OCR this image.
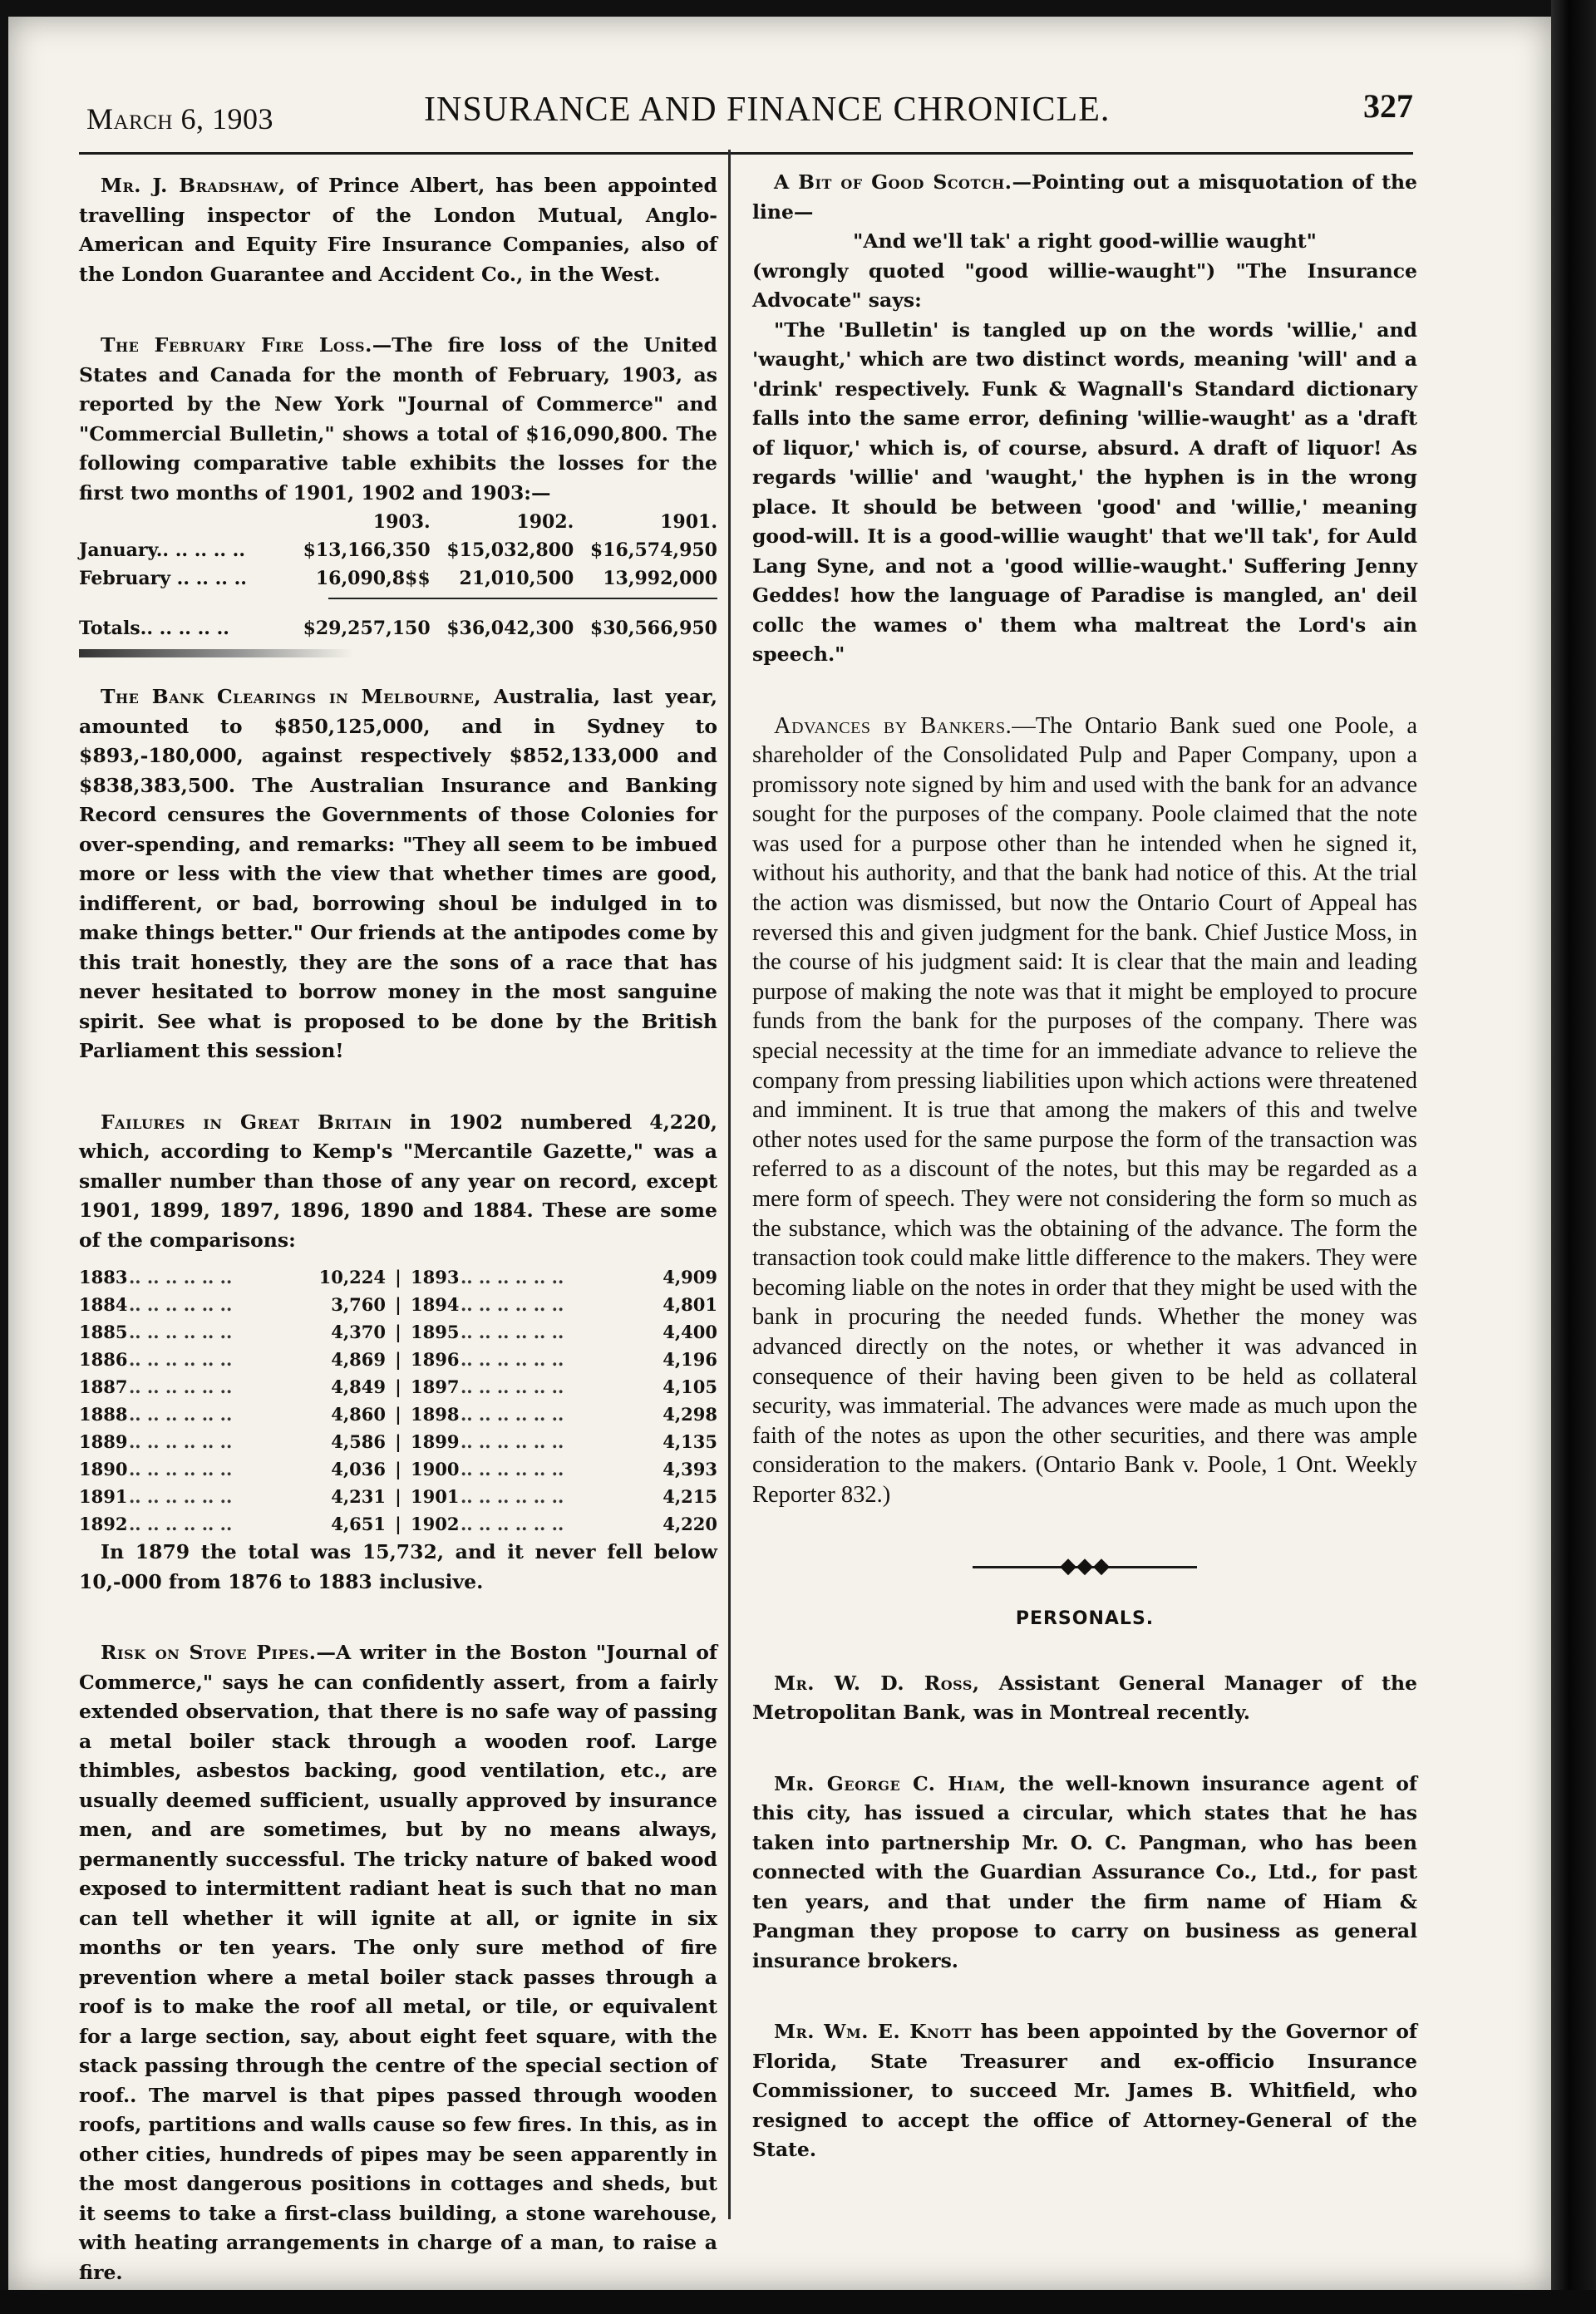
March 6, 1903	INSURANCE AND FINANCE CHRONICLE.	327

Mr. J. Bradshaw, of Prince Albert, has been appointed travelling inspector of the London Mutual, Anglo-American and Equity Fire Insurance Companies, also of the London Guarantee and Accident Co., in the West.

The February Fire Loss.—The fire loss of the United States and Canada for the month of February, 1903, as reported by the New York "Journal of Commerce" and "Commercial Bulletin," shows a total of $16,090,800. The following comparative table exhibits the losses for the first two months of 1901, 1902 and 1903:—

	1903.	1902.	1901.
January.. .. .. .. ..	$13,166,350	$15,032,800	$16,574,950
February .. .. .. ..	16,090,8$$	21,010,500	13,992,000
Totals.. .. .. .. ..	$29,257,150	$36,042,300	$30,566,950

The Bank Clearings in Melbourne, Australia, last year, amounted to $850,125,000, and in Sydney to $893,-180,000, against respectively $852,133,000 and $838,383,500. The Australian Insurance and Banking Record censures the Governments of those Colonies for over-spending, and remarks: "They all seem to be imbued more or less with the view that whether times are good, indifferent, or bad, borrowing shoul be indulged in to make things better." Our friends at the antipodes come by this trait honestly, they are the sons of a race that has never hesitated to borrow money in the most sanguine spirit. See what is proposed to be done by the British Parliament this session!

Failures in Great Britain in 1902 numbered 4,220, which, according to Kemp's "Mercantile Gazette," was a smaller number than those of any year on record, except 1901, 1899, 1897, 1896, 1890 and 1884. These are some of the comparisons:

1883	.. .. .. .. .. ..	10,224	|	1893	.. .. .. .. .. ..	4,909
1884	.. .. .. .. .. ..	3,760	|	1894	.. .. .. .. .. ..	4,801
1885	.. .. .. .. .. ..	4,370	|	1895	.. .. .. .. .. ..	4,400
1886	.. .. .. .. .. ..	4,869	|	1896	.. .. .. .. .. ..	4,196
1887	.. .. .. .. .. ..	4,849	|	1897	.. .. .. .. .. ..	4,105
1888	.. .. .. .. .. ..	4,860	|	1898	.. .. .. .. .. ..	4,298
1889	.. .. .. .. .. ..	4,586	|	1899	.. .. .. .. .. ..	4,135
1890	.. .. .. .. .. ..	4,036	|	1900	.. .. .. .. .. ..	4,393
1891	.. .. .. .. .. ..	4,231	|	1901	.. .. .. .. .. ..	4,215
1892	.. .. .. .. .. ..	4,651	|	1902	.. .. .. .. .. ..	4,220

In 1879 the total was 15,732, and it never fell below 10,-000 from 1876 to 1883 inclusive.

Risk on Stove Pipes.—A writer in the Boston "Journal of Commerce," says he can confidently assert, from a fairly extended observation, that there is no safe way of passing a metal boiler stack through a wooden roof. Large thimbles, asbestos backing, good ventilation, etc., are usually deemed sufficient, usually approved by insurance men, and are sometimes, but by no means always, permanently successful. The tricky nature of baked wood exposed to intermittent radiant heat is such that no man can tell whether it will ignite at all, or ignite in six months or ten years. The only sure method of fire prevention where a metal boiler stack passes through a roof is to make the roof all metal, or tile, or equivalent for a large section, say, about eight feet square, with the stack passing through the centre of the special section of roof.. The marvel is that pipes passed through wooden roofs, partitions and walls cause so few fires. In this, as in other cities, hundreds of pipes may be seen apparently in the most dangerous positions in cottages and sheds, but it seems to take a first-class building, a stone warehouse, with heating arrangements in charge of a man, to raise a fire.

A Bit of Good Scotch.—Pointing out a misquotation of the line—

"And we'll tak' a right good-willie waught"

(wrongly quoted "good willie-waught") "The Insurance Advocate" says:

"The 'Bulletin' is tangled up on the words 'willie,' and 'waught,' which are two distinct words, meaning 'will' and a 'drink' respectively. Funk & Wagnall's Standard dictionary falls into the same error, defining 'willie-waught' as a 'draft of liquor,' which is, of course, absurd. A draft of liquor! As regards 'willie' and 'waught,' the hyphen is in the wrong place. It should be between 'good' and 'willie,' meaning good-will. It is a good-willie waught' that we'll tak', for Auld Lang Syne, and not a 'good willie-waught.' Suffering Jenny Geddes! how the language of Paradise is mangled, an' deil collc the wames o' them wha maltreat the Lord's ain speech."

Advances by Bankers.—The Ontario Bank sued one Poole, a shareholder of the Consolidated Pulp and Paper Company, upon a promissory note signed by him and used with the bank for an advance sought for the purposes of the company. Poole claimed that the note was used for a purpose other than he intended when he signed it, without his authority, and that the bank had notice of this. At the trial the action was dismissed, but now the Ontario Court of Appeal has reversed this and given judgment for the bank. Chief Justice Moss, in the course of his judgment said: It is clear that the main and leading purpose of making the note was that it might be employed to procure funds from the bank for the purposes of the company. There was special necessity at the time for an immediate advance to relieve the company from pressing liabilities upon which actions were threatened and imminent. It is true that among the makers of this and twelve other notes used for the same purpose the form of the transaction was referred to as a discount of the notes, but this may be regarded as a mere form of speech. They were not considering the form so much as the substance, which was the obtaining of the advance. The form the transaction took could make little difference to the makers. They were becoming liable on the notes in order that they might be used with the bank in procuring the needed funds. Whether the money was advanced directly on the notes, or whether it was advanced in consequence of their having been given to be held as collateral security, was immaterial. The advances were made as much upon the faith of the notes as upon the other securities, and there was ample consideration to the makers. (Ontario Bank v. Poole, 1 Ont. Weekly Reporter 832.)

◆◆◆
PERSONALS.

Mr. W. D. Ross, Assistant General Manager of the Metropolitan Bank, was in Montreal recently.

Mr. George C. Hiam, the well-known insurance agent of this city, has issued a circular, which states that he has taken into partnership Mr. O. C. Pangman, who has been connected with the Guardian Assurance Co., Ltd., for past ten years, and that under the firm name of Hiam & Pangman they propose to carry on business as general insurance brokers.

Mr. Wm. E. Knott has been appointed by the Governor of Florida, State Treasurer and ex-officio Insurance Commissioner, to succeed Mr. James B. Whitfield, who resigned to accept the office of Attorney-General of the State.
